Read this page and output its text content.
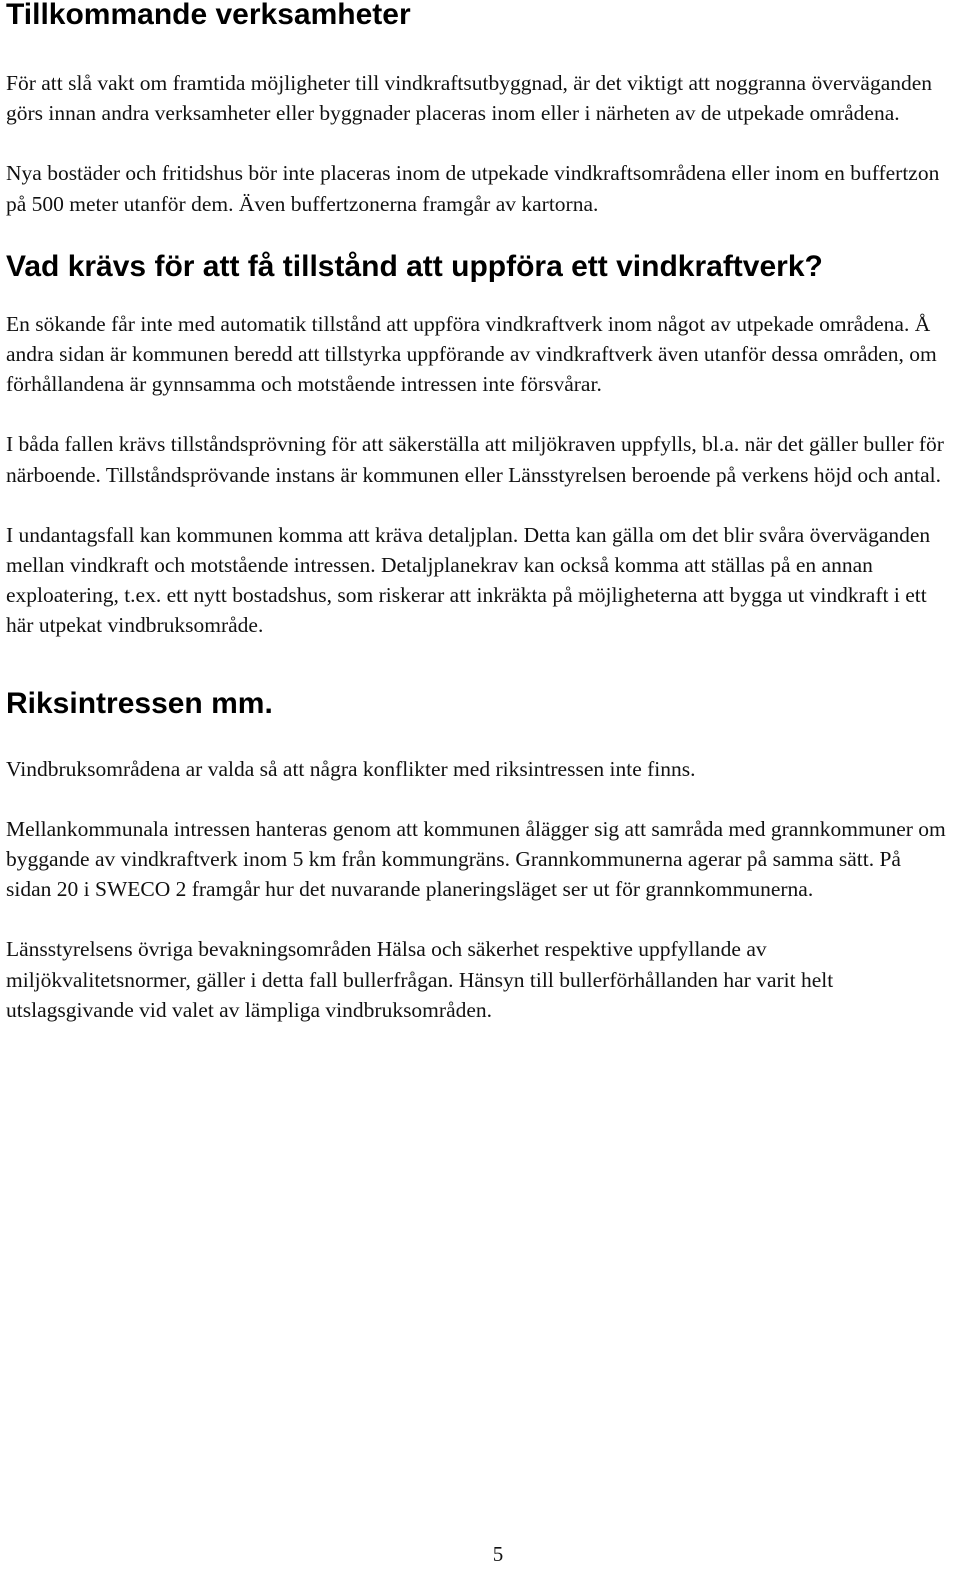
Tillkommande verksamheter

För att slå vakt om framtida möjligheter till vindkraftsutbyggnad, är det viktigt att noggranna överväganden görs innan andra verksamheter eller byggnader placeras inom eller i närheten av de utpekade områdena.

Nya bostäder och fritidshus bör inte placeras inom de utpekade vindkraftsområdena eller inom en buffertzon på 500 meter utanför dem. Även buffertzonerna framgår av kartorna.

Vad krävs för att få tillstånd att uppföra ett vindkraftverk?

En sökande får inte med automatik tillstånd att uppföra vindkraftverk inom något av utpekade områdena. Å andra sidan är kommunen beredd att tillstyrka uppförande av vindkraftverk även utanför dessa områden, om förhållandena är gynnsamma och motstående intressen inte försvårar.

I båda fallen krävs tillståndsprövning för att säkerställa att miljökraven uppfylls, bl.a. när det gäller buller för närboende. Tillståndsprövande instans är kommunen eller Länsstyrelsen beroende på verkens höjd och antal.

I undantagsfall kan kommunen komma att kräva detaljplan. Detta kan gälla om det blir svåra överväganden mellan vindkraft och motstående intressen. Detaljplanekrav kan också komma att ställas på en annan exploatering, t.ex. ett nytt bostadshus, som riskerar att inkräkta på möjligheterna att bygga ut vindkraft i ett här utpekat vindbruksområde.

Riksintressen mm.

Vindbruksområdena ar valda så att några konflikter med riksintressen inte finns.

Mellankommunala intressen hanteras genom att kommunen ålägger sig att samråda med grannkommuner om byggande av vindkraftverk inom 5 km från kommungräns. Grannkommunerna agerar på samma sätt. På sidan 20 i SWECO 2 framgår hur det nuvarande planeringsläget ser ut för grannkommunerna.

Länsstyrelsens övriga bevakningsområden Hälsa och säkerhet respektive uppfyllande av miljökvalitetsnormer, gäller i detta fall bullerfrågan. Hänsyn till bullerförhållanden har varit helt utslagsgivande vid valet av lämpliga vindbruksområden.

5
